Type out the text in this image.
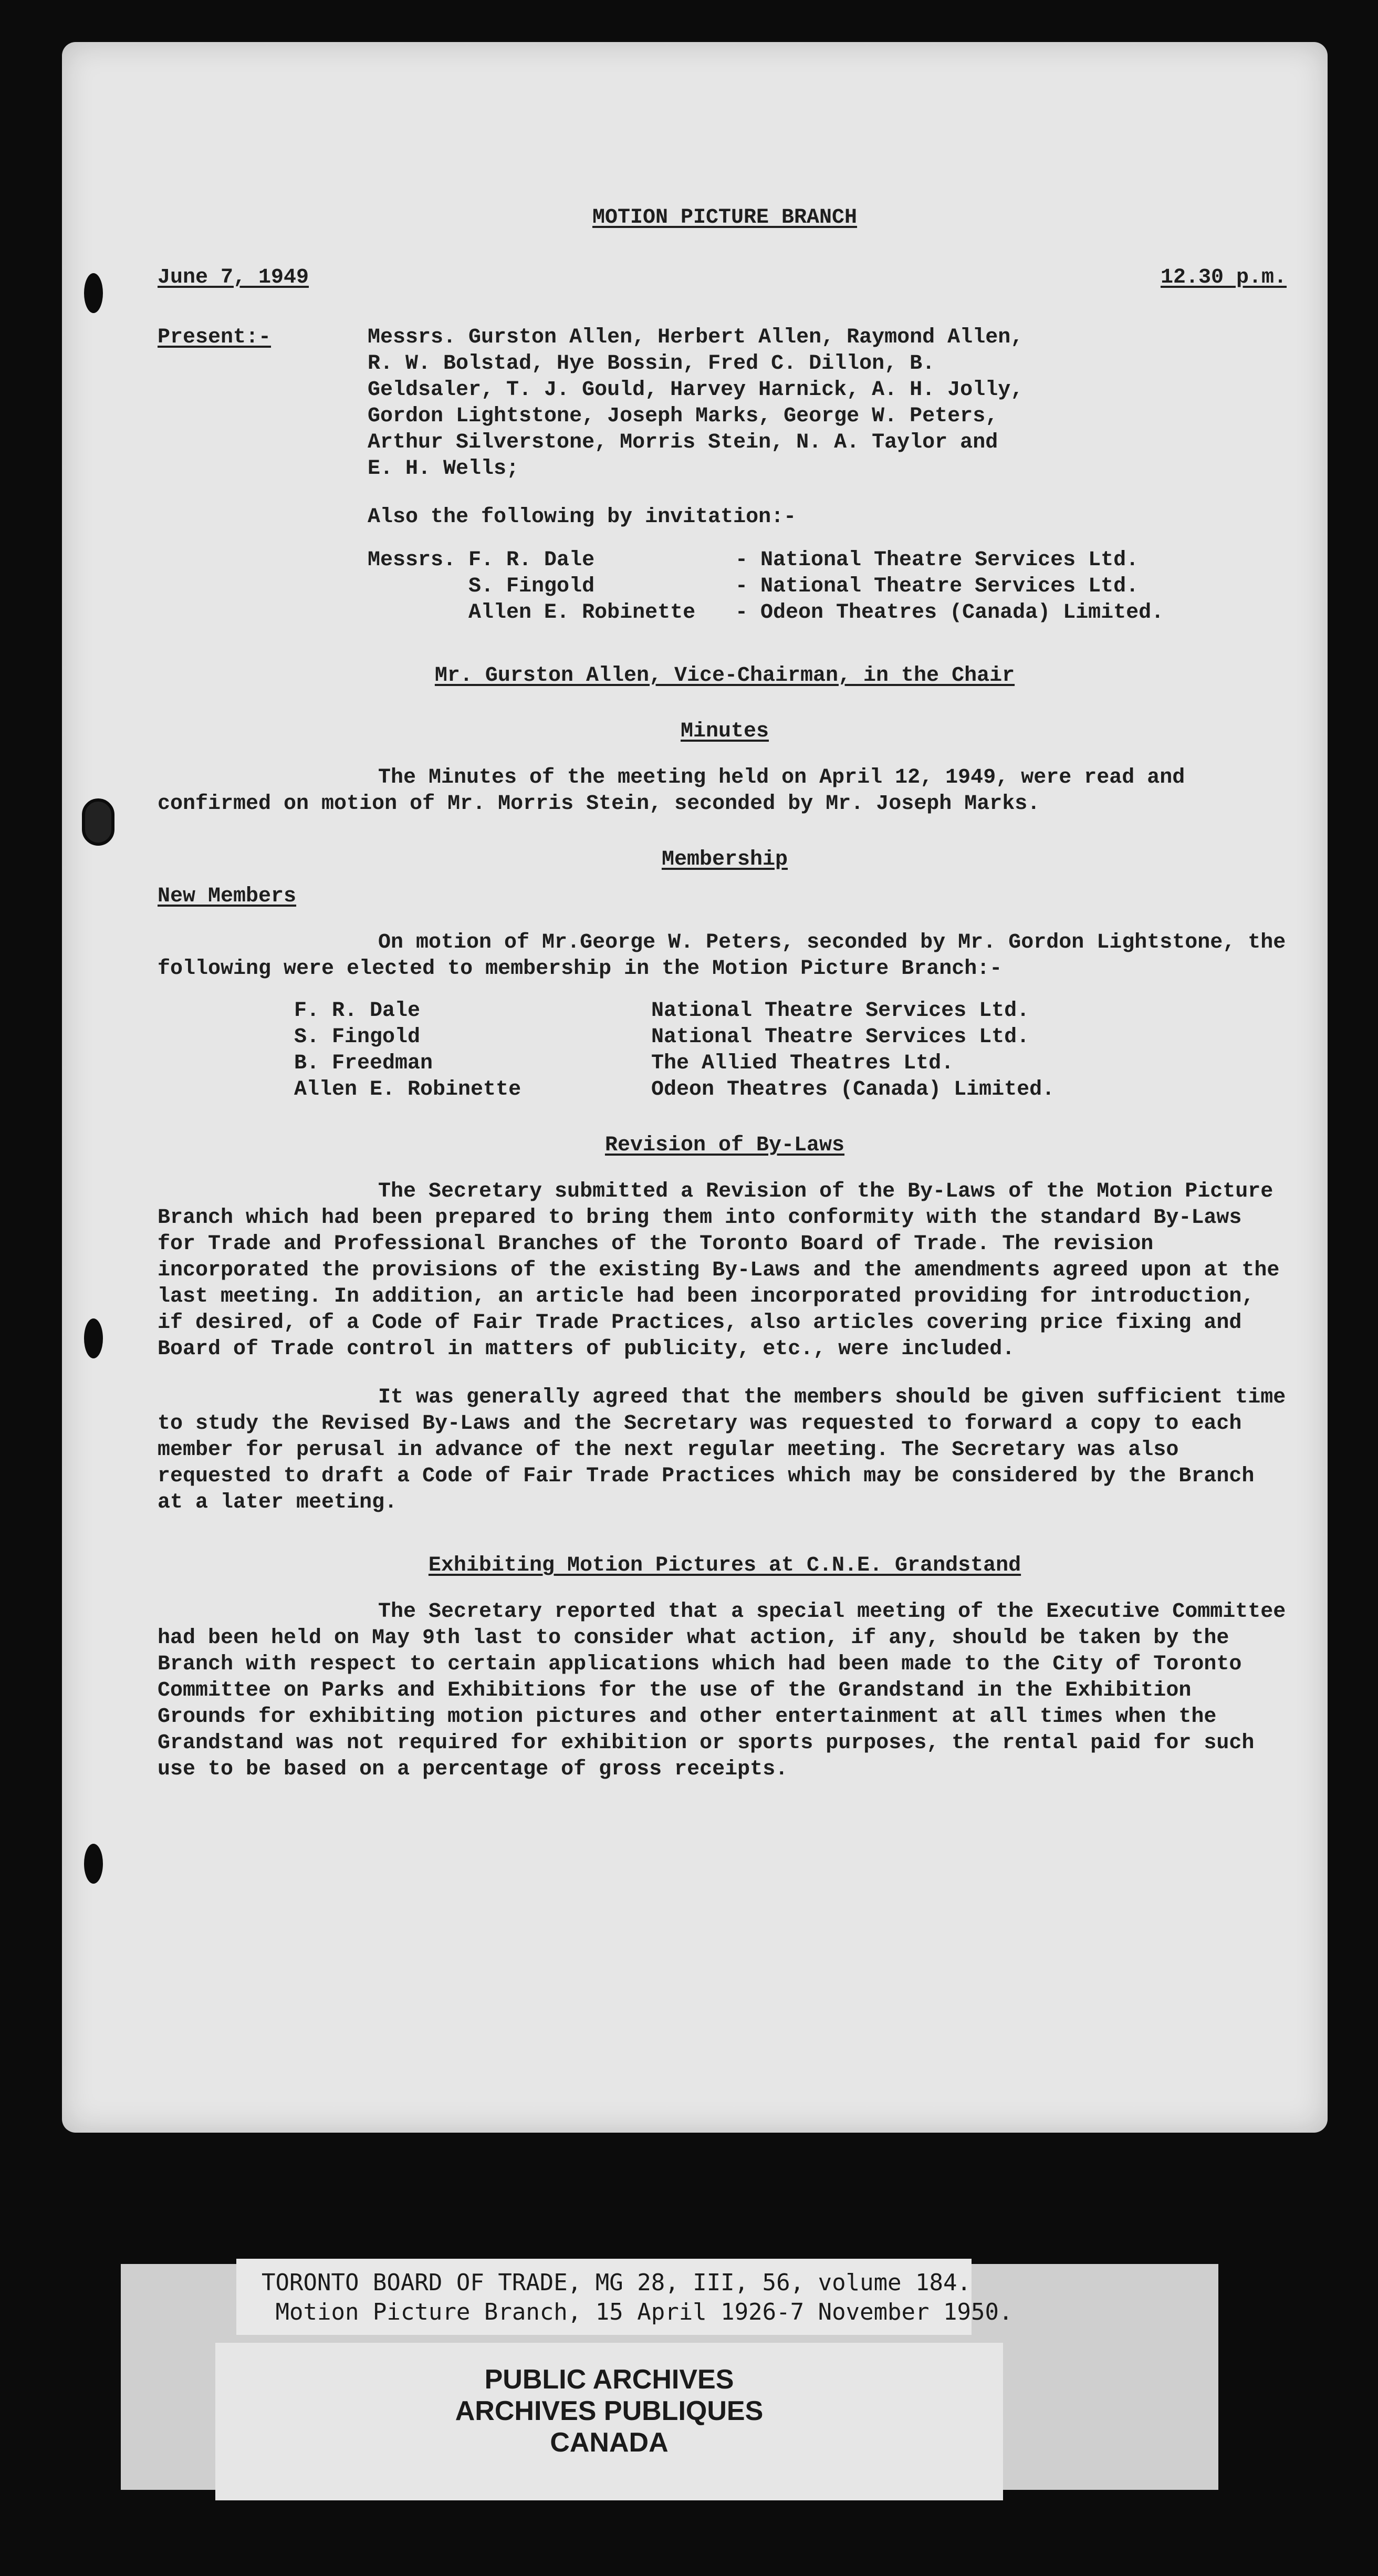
MOTION PICTURE BRANCH
June 7, 1949	12.30 p.m.
Present:-	Messrs. Gurston Allen, Herbert Allen, Raymond Allen,
R. W. Bolstad, Hye Bossin, Fred C. Dillon, B.
Geldsaler, T. J. Gould, Harvey Harnick, A. H. Jolly,
Gordon Lightstone, Joseph Marks, George W. Peters,
Arthur Silverstone, Morris Stein, N. A. Taylor and
E. H. Wells;
Also the following by invitation:-
Messrs. F. R. Dale	- National Theatre Services Ltd.
S. Fingold	- National Theatre Services Ltd.
Allen E. Robinette	- Odeon Theatres (Canada) Limited.
Mr. Gurston Allen, Vice-Chairman, in the Chair
Minutes

The Minutes of the meeting held on April 12, 1949, were read and confirmed on motion of Mr. Morris Stein, seconded by Mr. Joseph Marks.

Membership
New Members

On motion of Mr.George W. Peters, seconded by Mr. Gordon Lightstone, the following were elected to membership in the Motion Picture Branch:-

F. R. Dale	National Theatre Services Ltd.
S. Fingold	National Theatre Services Ltd.
B. Freedman	The Allied Theatres Ltd.
Allen E. Robinette	Odeon Theatres (Canada) Limited.
Revision of By-Laws

The Secretary submitted a Revision of the By-Laws of the Motion Picture Branch which had been prepared to bring them into conformity with the standard By-Laws for Trade and Professional Branches of the Toronto Board of Trade. The revision incorporated the provisions of the existing By-Laws and the amendments agreed upon at the last meeting. In addition, an article had been incorporated providing for introduction, if desired, of a Code of Fair Trade Practices, also articles covering price fixing and Board of Trade control in matters of publicity, etc., were included.

It was generally agreed that the members should be given sufficient time to study the Revised By-Laws and the Secretary was requested to forward a copy to each member for perusal in advance of the next regular meeting. The Secretary was also requested to draft a Code of Fair Trade Practices which may be considered by the Branch at a later meeting.

Exhibiting Motion Pictures at C.N.E. Grandstand

The Secretary reported that a special meeting of the Executive Committee had been held on May 9th last to consider what action, if any, should be taken by the Branch with respect to certain applications which had been made to the City of Toronto Committee on Parks and Exhibitions for the use of the Grandstand in the Exhibition Grounds for exhibiting motion pictures and other entertainment at all times when the Grandstand was not required for exhibition or sports purposes, the rental paid for such use to be based on a percentage of gross receipts.

TORONTO BOARD OF TRADE, MG 28, III, 56, volume 184.
Motion Picture Branch, 15 April 1926-7 November 1950.
PUBLIC ARCHIVES
ARCHIVES PUBLIQUES
CANADA
